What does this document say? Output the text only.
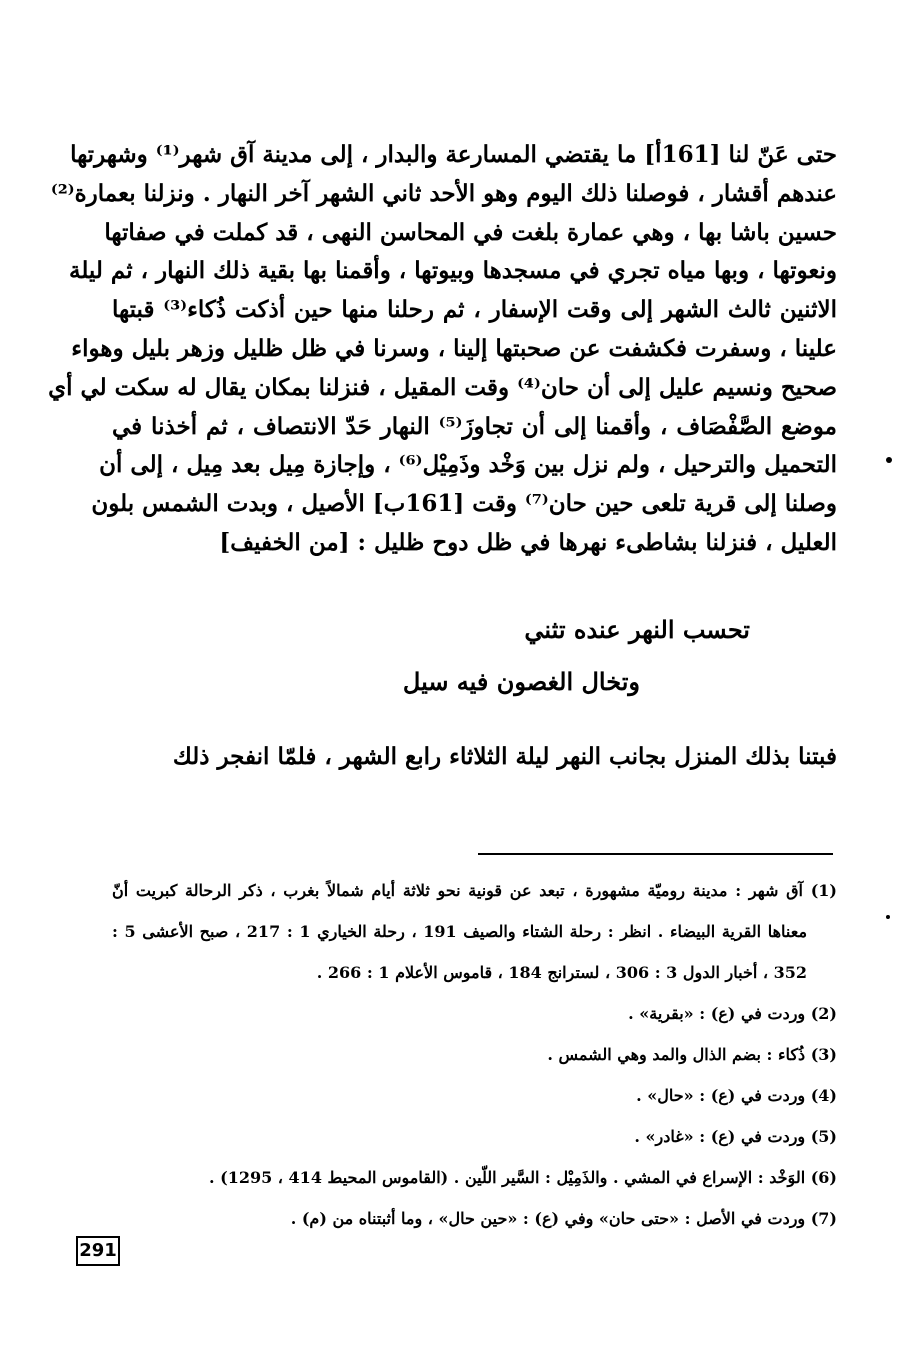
حتى عَنّ لنا [161أ] ما يقتضي المسارعة والبدار ، إلى مدينة آق شهر⁽¹⁾ وشهرتها
عندهم أقشار ، فوصلنا ذلك اليوم وهو الأحد ثاني الشهر آخر النهار . ونزلنا بعمارة⁽²⁾
حسين باشا بها ، وهي عمارة بلغت في المحاسن النهى ، قد كملت في صفاتها
ونعوتها ، وبها مياه تجري في مسجدها وبيوتها ، وأقمنا بها بقية ذلك النهار ، ثم ليلة
الاثنين ثالث الشهر إلى وقت الإسفار ، ثم رحلنا منها حين أذكت ذُكاء⁽³⁾ قبتها
علينا ، وسفرت فكشفت عن صحبتها إلينا ، وسرنا في ظل ظليل وزهر بليل وهواء
صحيح ونسيم عليل إلى أن حان⁽⁴⁾ وقت المقيل ، فنزلنا بمكان يقال له سكت لي أي
موضع الصَّفْصَاف ، وأقمنا إلى أن تجاوزَ⁽⁵⁾ النهار حَدّ الانتصاف ، ثم أخذنا في
التحميل والترحيل ، ولم نزل بين وَخْد وذَمِيْل⁽⁶⁾ ، وإجازة مِيل بعد مِيل ، إلى أن
وصلنا إلى قرية تلعى حين حان⁽⁷⁾ وقت [161ب] الأصيل ، وبدت الشمس بلون
العليل ، فنزلنا بشاطىء نهرها في ظل دوح ظليل : [من الخفيف]
تحسب النهر عنده تثني
وتخال الغصون فيه سيل
فبتنا بذلك المنزل بجانب النهر ليلة الثلاثاء رابع الشهر ، فلمّا انفجر ذلك
(1) آق شهر : مدينة روميّة مشهورة ، تبعد عن قونية نحو ثلاثة أيام شمالاً بغرب ، ذكر الرحالة كبريت أنّ
معناها القرية البيضاء . انظر : رحلة الشتاء والصيف 191 ، رحلة الخياري 1 : 217 ، صبح الأعشى 5 :
352 ، أخبار الدول 3 : 306 ، لسترانج 184 ، قاموس الأعلام 1 : 266 .
(2) وردت في (ع) : «بقرية» .
(3) ذُكاء : بضم الذال والمد وهي الشمس .
(4) وردت في (ع) : «حال» .
(5) وردت في (ع) : «غادر» .
(6) الوَخْد : الإسراع في المشي . والذَمِيْل : السَّير اللّين . (القاموس المحيط 414 ، 1295) .
(7) وردت في الأصل : «حتى حان» وفي (ع) : «حين حال» ، وما أثبتناه من (م) .
291
